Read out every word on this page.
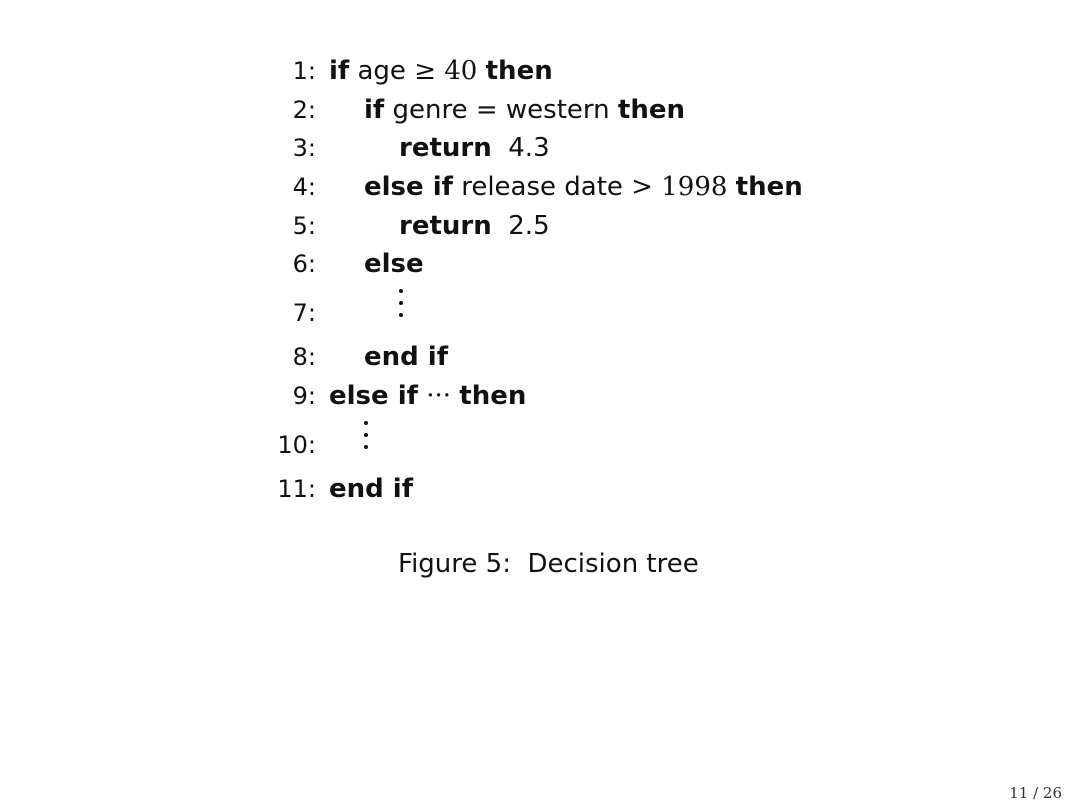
1:

if age ≥ 40 then

2:

if genre = western then

3:

	return  4.3

4:

else if release date > 1998 then

5:

	return  2.5

6:

else

7:

8:

end if

9:

else if ··· then

10:

11:

end if

Figure 5:  Decision tree
11 / 26
